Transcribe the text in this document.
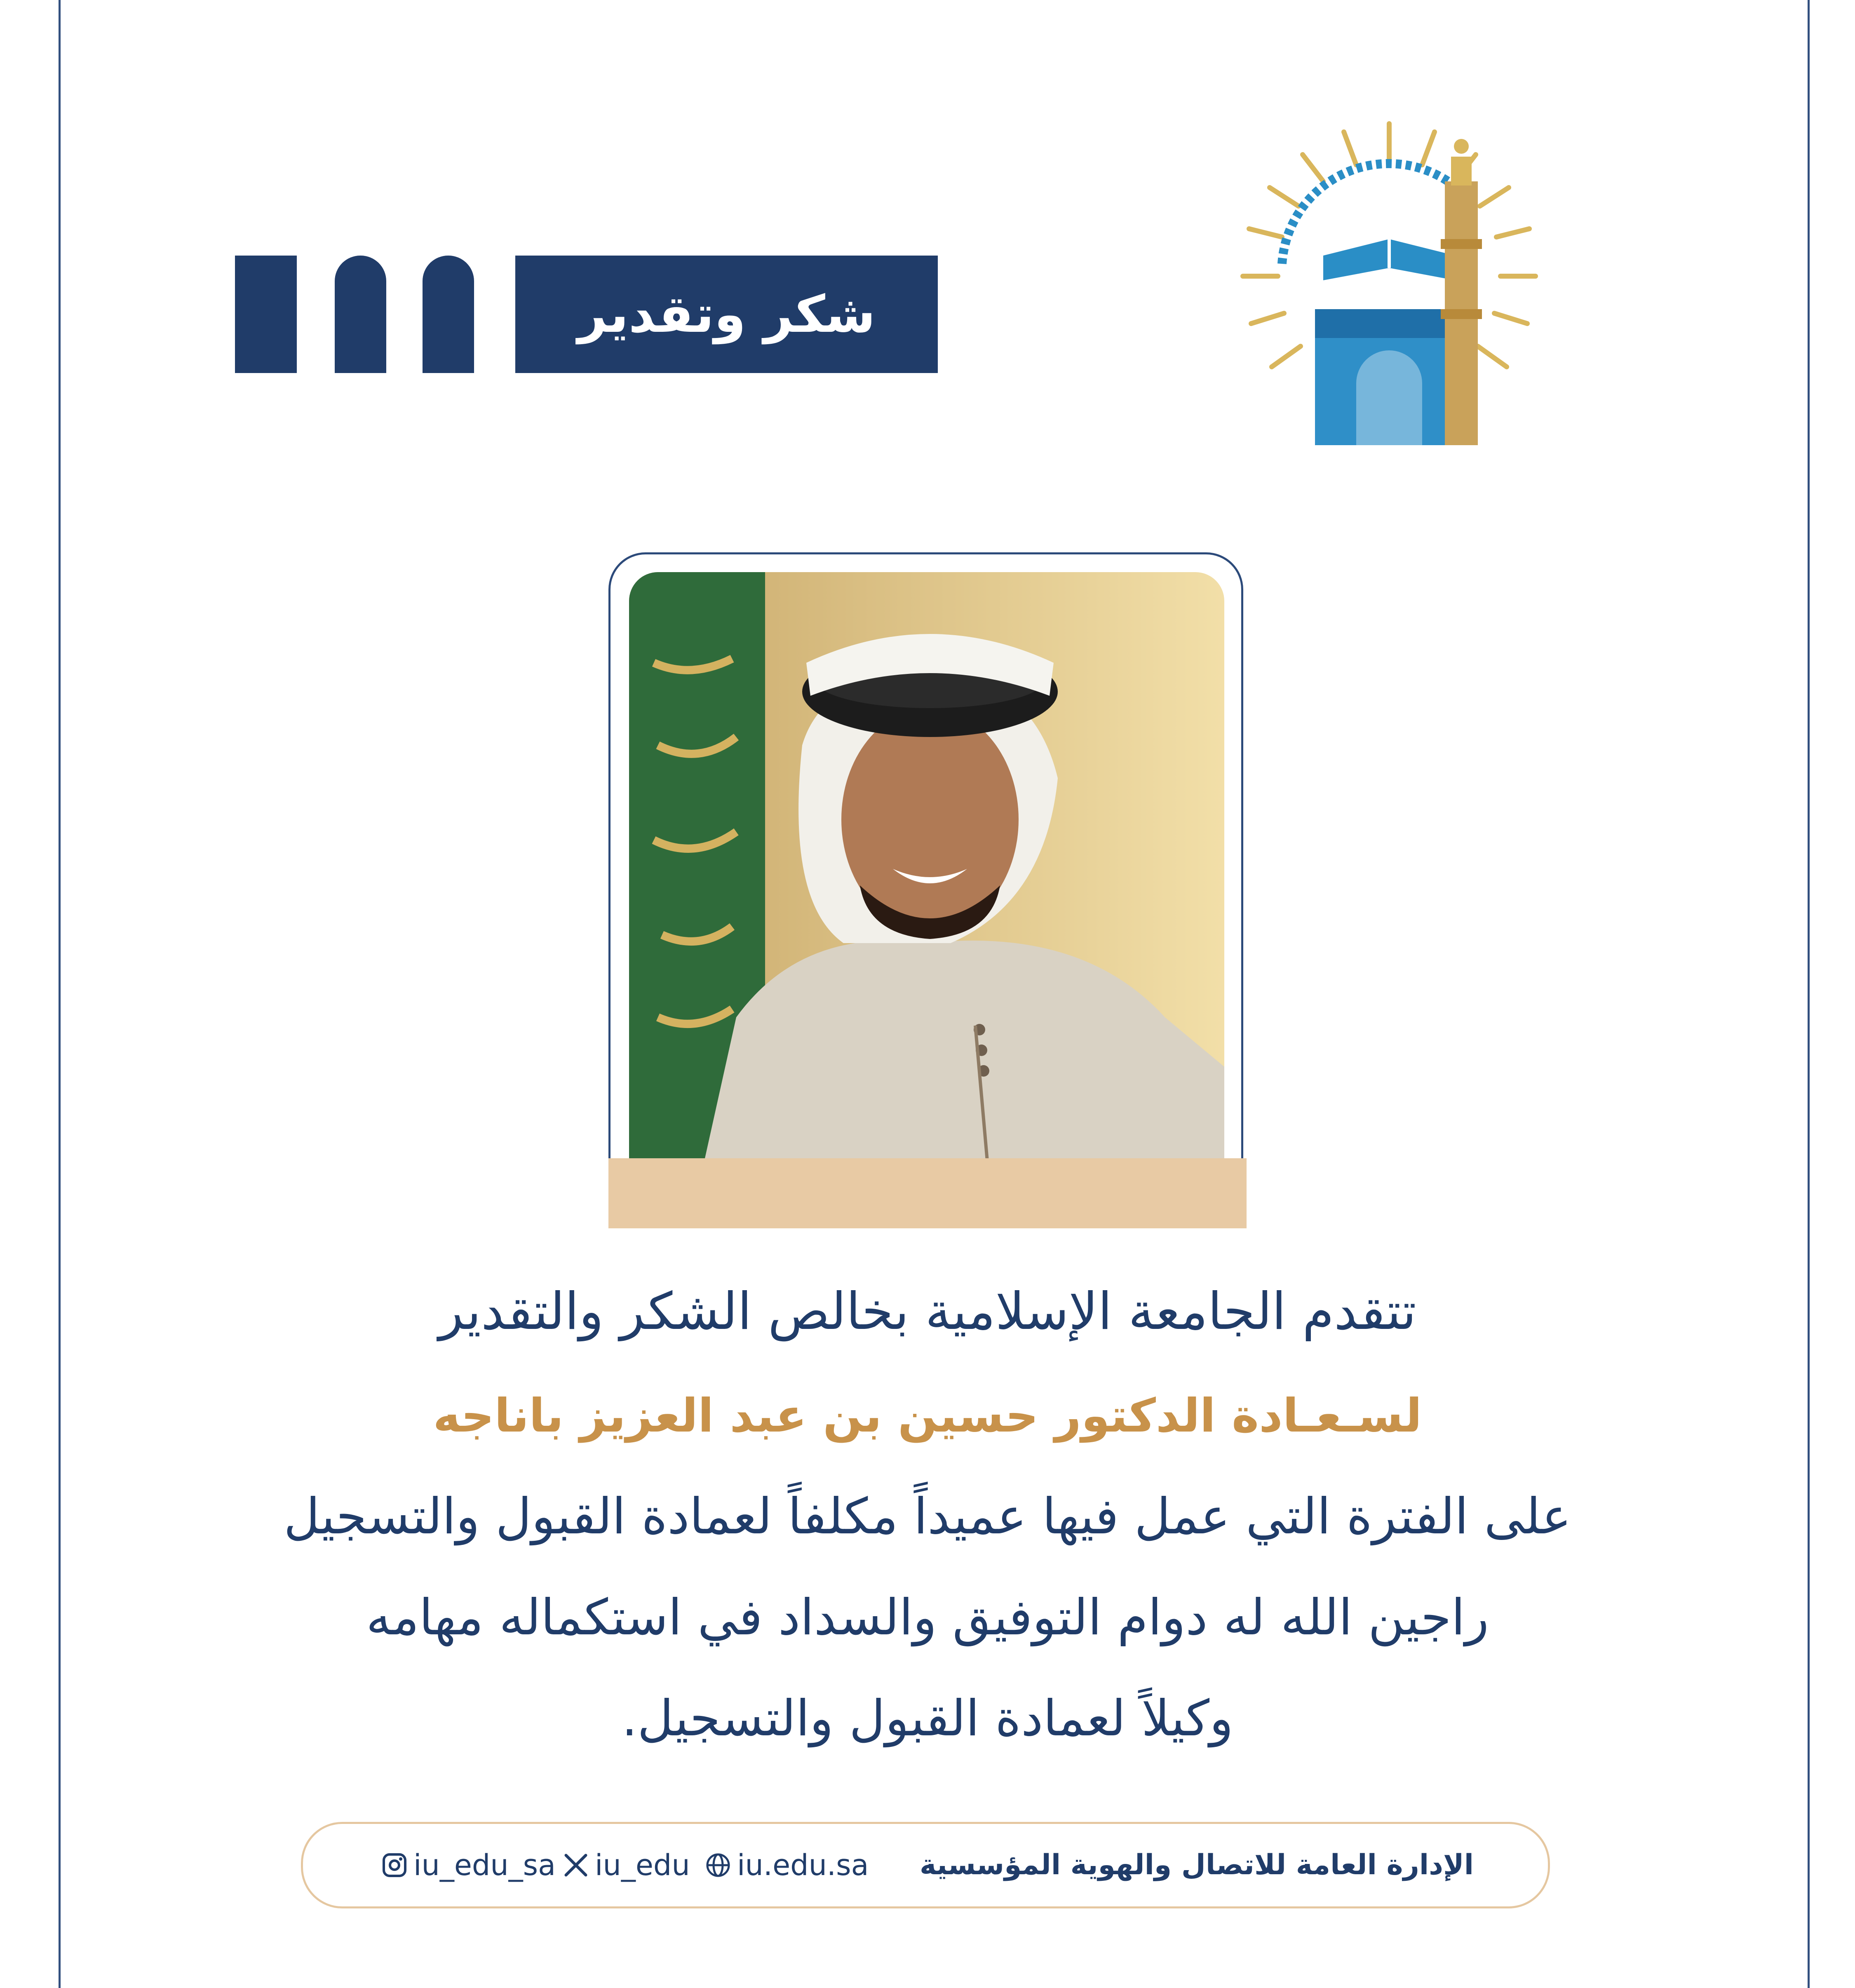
شكر وتقدير
تتقدم الجامعة الإسلامية بخالص الشكر والتقدير
لسـعـادة الدكتور حسين بن عبد العزيز باناجه
على الفترة التي عمل فيها عميداً مكلفاً لعمادة القبول والتسجيل
راجين الله له دوام التوفيق والسداد في استكماله مهامه
وكيلاً لعمادة القبول والتسجيل.
الإدارة العامة للاتصال والهوية المؤسسية
iu_edu_sa iu_edu iu.edu.sa
